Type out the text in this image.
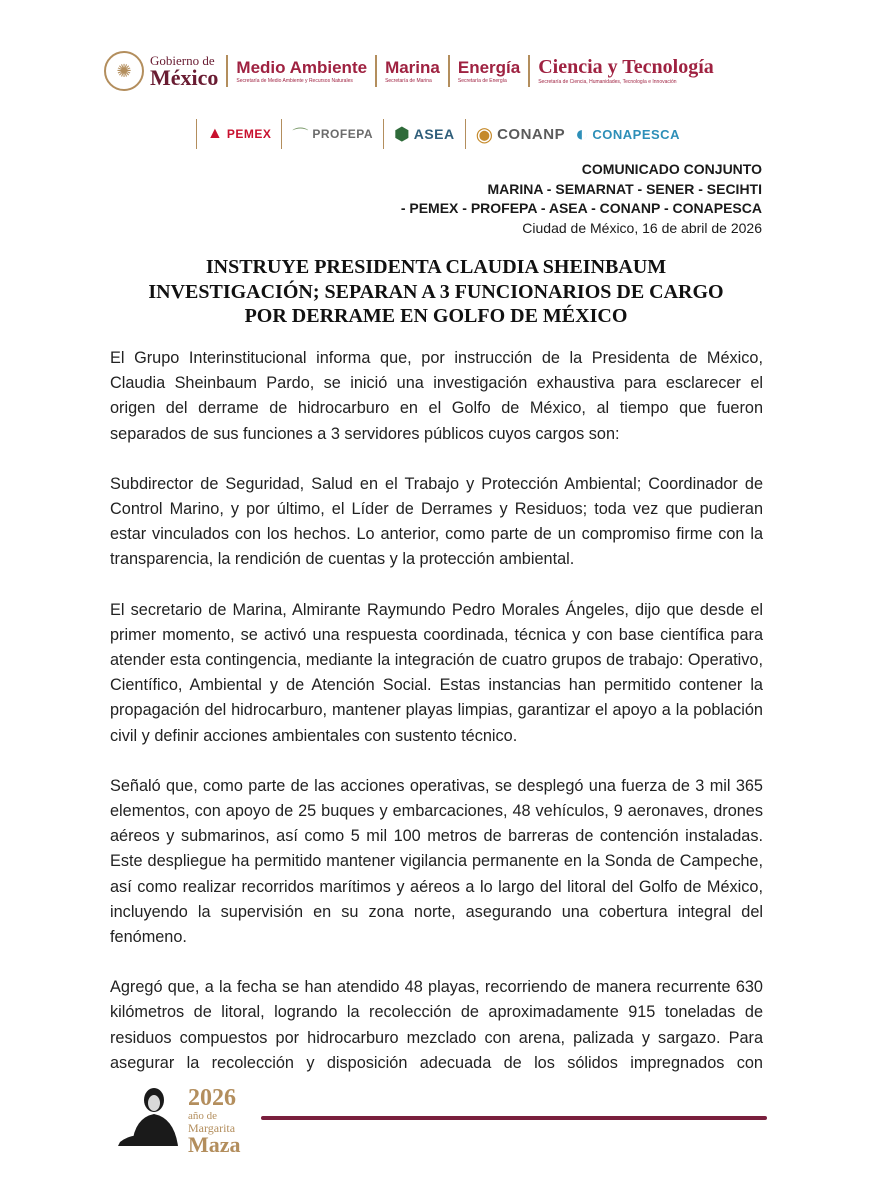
✺
Gobierno de
México Medio Ambiente
Secretaría de Medio Ambiente y Recursos Naturales
Marina
Secretaría de Marina
Energía
Secretaría de Energía
Ciencia y Tecnología
Secretaría de Ciencia, Humanidades, Tecnología e Innovación
▲ PEMEX ⌒ PROFEPA ⬢ ASEA ◉ CONANP ◐ CONAPESCA
COMUNICADO CONJUNTO
MARINA - SEMARNAT - SENER - SECIHTI
- PEMEX - PROFEPA - ASEA - CONANP - CONAPESCA
Ciudad de México, 16 de abril de 2026
INSTRUYE PRESIDENTA CLAUDIA SHEINBAUM
INVESTIGACIÓN; SEPARAN A 3 FUNCIONARIOS DE CARGO
POR DERRAME EN GOLFO DE MÉXICO

El Grupo Interinstitucional informa que, por instrucción de la Presidenta de México, Claudia Sheinbaum Pardo, se inició una investigación exhaustiva para esclarecer el origen del derrame de hidrocarburo en el Golfo de México, al tiempo que fueron separados de sus funciones a 3 servidores públicos cuyos cargos son:

Subdirector de Seguridad, Salud en el Trabajo y Protección Ambiental; Coordinador de Control Marino, y por último, el Líder de Derrames y Residuos; toda vez que pudieran estar vinculados con los hechos. Lo anterior, como parte de un compromiso firme con la transparencia, la rendición de cuentas y la protección ambiental.

El secretario de Marina, Almirante Raymundo Pedro Morales Ángeles, dijo que desde el primer momento, se activó una respuesta coordinada, técnica y con base científica para atender esta contingencia, mediante la integración de cuatro grupos de trabajo: Operativo, Científico, Ambiental y de Atención Social. Estas instancias han permitido contener la propagación del hidrocarburo, mantener playas limpias, garantizar el apoyo a la población civil y definir acciones ambientales con sustento técnico.

Señaló que, como parte de las acciones operativas, se desplegó una fuerza de 3 mil 365 elementos, con apoyo de 25 buques y embarcaciones, 48 vehículos, 9 aeronaves, drones aéreos y submarinos, así como 5 mil 100 metros de barreras de contención instaladas. Este despliegue ha permitido mantener vigilancia permanente en la Sonda de Campeche, así como realizar recorridos marítimos y aéreos a lo largo del litoral del Golfo de México, incluyendo la supervisión en su zona norte, asegurando una cobertura integral del fenómeno.

Agregó que, a la fecha se han atendido 48 playas, recorriendo de manera recurrente 630 kilómetros de litoral, logrando la recolección de aproximadamente 915 toneladas de residuos compuestos por hidrocarburo mezclado con arena, palizada y sargazo. Para asegurar la recolección y disposición adecuada de los sólidos impregnados con

2026
año de
Margarita
Maza
